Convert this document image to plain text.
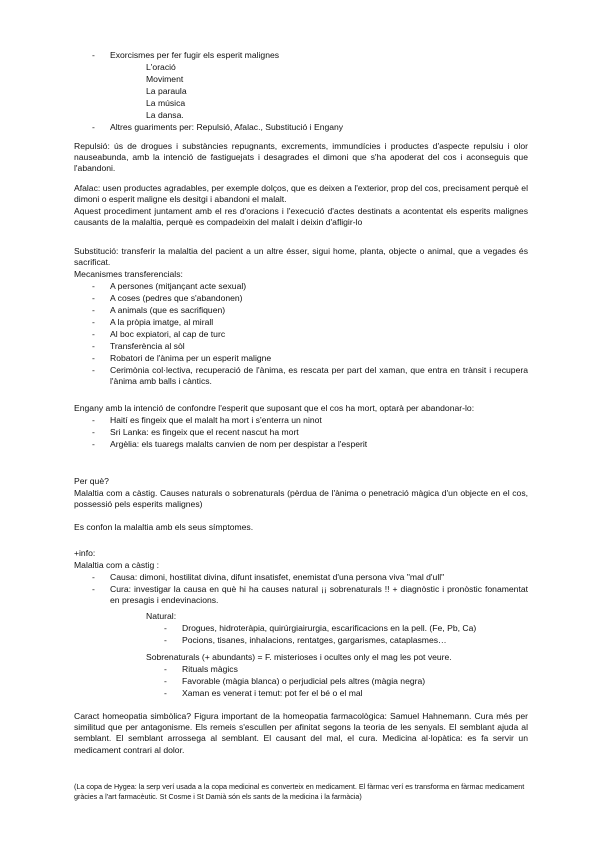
- Exorcismes per fer fugir els esperit malignes
L'oració
Moviment
La paraula
La música
La dansa.
- Altres guariments per: Repulsió, Afalac., Substitució i Engany
Repulsió: ús de drogues i substàncies repugnants, excrements, immundícies i productes d'aspecte repulsiu i olor nauseabunda, amb la intenció de fastiguejats i desagrades el dimoni que s'ha apoderat del cos i aconseguis que l'abandoni.
Afalac: usen productes agradables, per exemple dolços, que es deixen a l'exterior, prop del cos, precisament perquè el dimoni o esperit maligne els desitgi i abandoni el malalt.
Aquest procediment juntament amb el res d'oracions i l'execució d'actes destinats a acontentat els esperits malignes causants de la malaltia, perquè es compadeixin del malalt i deixin d'afligir-lo
Substitució: transferir la malaltia del pacient a un altre ésser, sigui home, planta, objecte o animal, que a vegades és sacrificat.
Mecanismes transferencials:
- A persones (mitjançant acte sexual)
- A coses (pedres que s'abandonen)
- A animals (que es sacrifiquen)
- A la pròpia imatge, al mirall
- Al boc expiatori, al cap de turc
- Transferència al sòl
- Robatori de l'ànima per un esperit maligne
- Cerimònia col·lectiva, recuperació de l'ànima, es rescata per part del xaman, que entra en trànsit i recupera l'ànima amb balls i càntics.
Engany amb la intenció de confondre l'esperit que suposant que el cos ha mort, optarà per abandonar-lo:
- Haití es fingeix que el malalt ha mort i s'enterra un ninot
- Sri Lanka: es fingeix que el recent nascut ha mort
- Argèlia: els tuaregs malalts canvien de nom per despistar a l'esperit
Per què?
Malaltia com a càstig. Causes naturals o sobrenaturals (pèrdua de l'ànima o penetració màgica d'un objecte en el cos, possessió pels esperits malignes)
Es confon la malaltia amb els seus símptomes.
+info:
Malaltia com a càstig :
- Causa: dimoni, hostilitat divina, difunt insatisfet, enemistat d'una persona viva "mal d'ull"
- Cura: investigar la causa en què hi ha causes natural ¡¡ sobrenaturals !! + diagnòstic i pronòstic fonamentat en presagis i endevinacions.
Natural:
- Drogues, hidroteràpia, quirúrgiairurgia, escarificacions en la pell. (Fe, Pb, Ca)
- Pocions, tisanes, inhalacions, rentatges, gargarismes, cataplasmes…
Sobrenaturals (+ abundants) = F. misterioses i ocultes only el mag les pot veure.
- Rituals màgics
- Favorable (màgia blanca) o perjudicial pels altres (màgia negra)
- Xaman es venerat i temut: pot fer el bé o el mal
Caract homeopatia simbòlica? Figura important de la homeopatia farmacològica: Samuel Hahnemann. Cura més per similitud que per antagonisme. Els remeis s'escullen per afinitat segons la teoria de les senyals. El semblant ajuda al semblant. El semblant arrossega al semblant. El causant del mal, el cura. Medicina al·lopàtica: es fa servir un medicament contrari al dolor.
(La copa de Hygea: la serp verí usada a la copa medicinal es converteix en medicament. El fàrmac verí es transforma en fàrmac medicament gràcies a l'art farmacèutic. St Cosme i St Damià són els sants de la medicina i la farmàcia)
